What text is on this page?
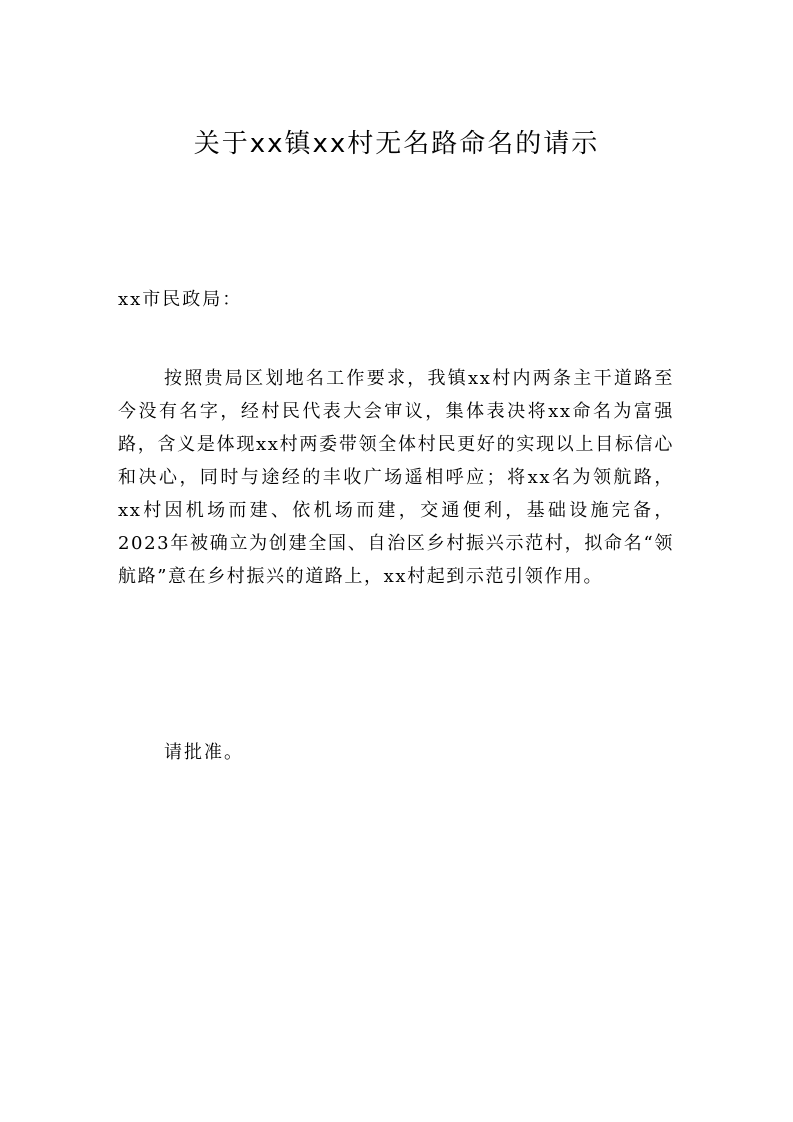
关于xx镇xx村无名路命名的请示
xx市民政局：
按照贵局区划地名工作要求，我镇xx村内两条主干道路至今没有名字，经村民代表大会审议，集体表决将xx命名为富强路，含义是体现xx村两委带领全体村民更好的实现以上目标信心和决心，同时与途经的丰收广场遥相呼应；将xx名为领航路，xx村因机场而建、依机场而建，交通便利，基础设施完备，2023年被确立为创建全国、自治区乡村振兴示范村，拟命名“领航路”意在乡村振兴的道路上，xx村起到示范引领作用。
请批准。
